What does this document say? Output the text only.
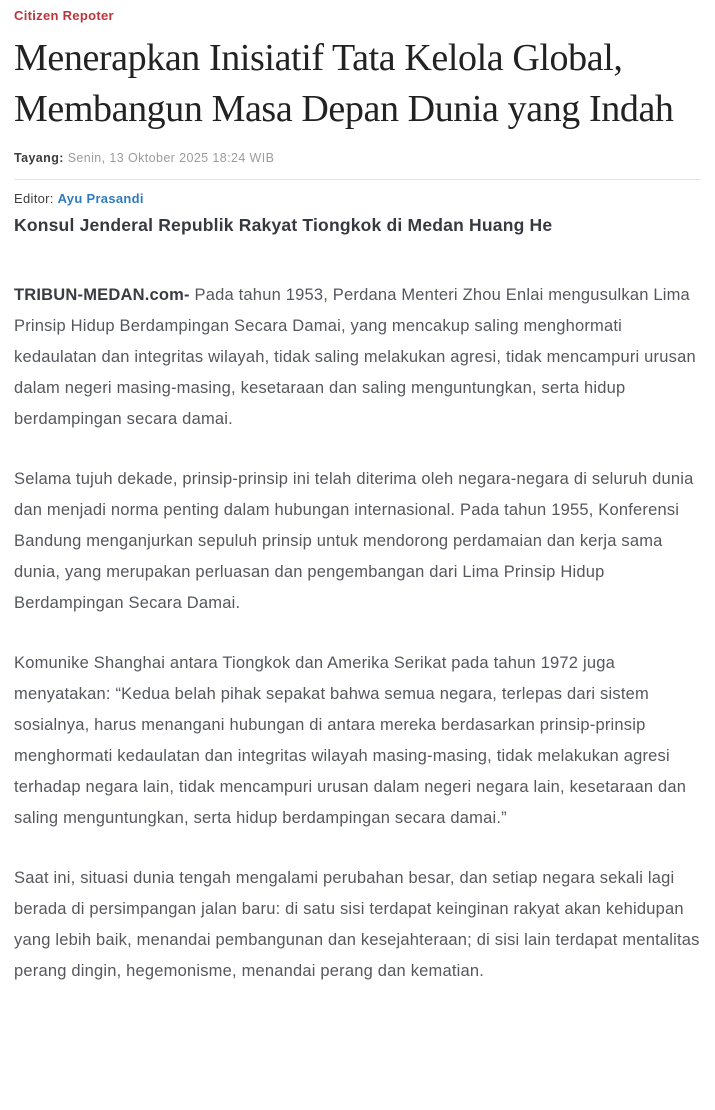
Citizen Repoter
Menerapkan Inisiatif Tata Kelola Global, Membangun Masa Depan Dunia yang Indah
Tayang: Senin, 13 Oktober 2025 18:24 WIB
Editor: Ayu Prasandi
Konsul Jenderal Republik Rakyat Tiongkok di Medan Huang He

TRIBUN-MEDAN.com- Pada tahun 1953, Perdana Menteri Zhou Enlai mengusulkan Lima Prinsip Hidup Berdampingan Secara Damai, yang mencakup saling menghormati kedaulatan dan integritas wilayah, tidak saling melakukan agresi, tidak mencampuri urusan dalam negeri masing-masing, kesetaraan dan saling menguntungkan, serta hidup berdampingan secara damai.

Selama tujuh dekade, prinsip-prinsip ini telah diterima oleh negara-negara di seluruh dunia dan menjadi norma penting dalam hubungan internasional. Pada tahun 1955, Konferensi Bandung menganjurkan sepuluh prinsip untuk mendorong perdamaian dan kerja sama dunia, yang merupakan perluasan dan pengembangan dari Lima Prinsip Hidup Berdampingan Secara Damai.

Komunike Shanghai antara Tiongkok dan Amerika Serikat pada tahun 1972 juga menyatakan: “Kedua belah pihak sepakat bahwa semua negara, terlepas dari sistem sosialnya, harus menangani hubungan di antara mereka berdasarkan prinsip-prinsip menghormati kedaulatan dan integritas wilayah masing-masing, tidak melakukan agresi terhadap negara lain, tidak mencampuri urusan dalam negeri negara lain, kesetaraan dan saling menguntungkan, serta hidup berdampingan secara damai.”

Saat ini, situasi dunia tengah mengalami perubahan besar, dan setiap negara sekali lagi berada di persimpangan jalan baru: di satu sisi terdapat keinginan rakyat akan kehidupan yang lebih baik, menandai pembangunan dan kesejahteraan; di sisi lain terdapat mentalitas perang dingin, hegemonisme, menandai perang dan kematian.
